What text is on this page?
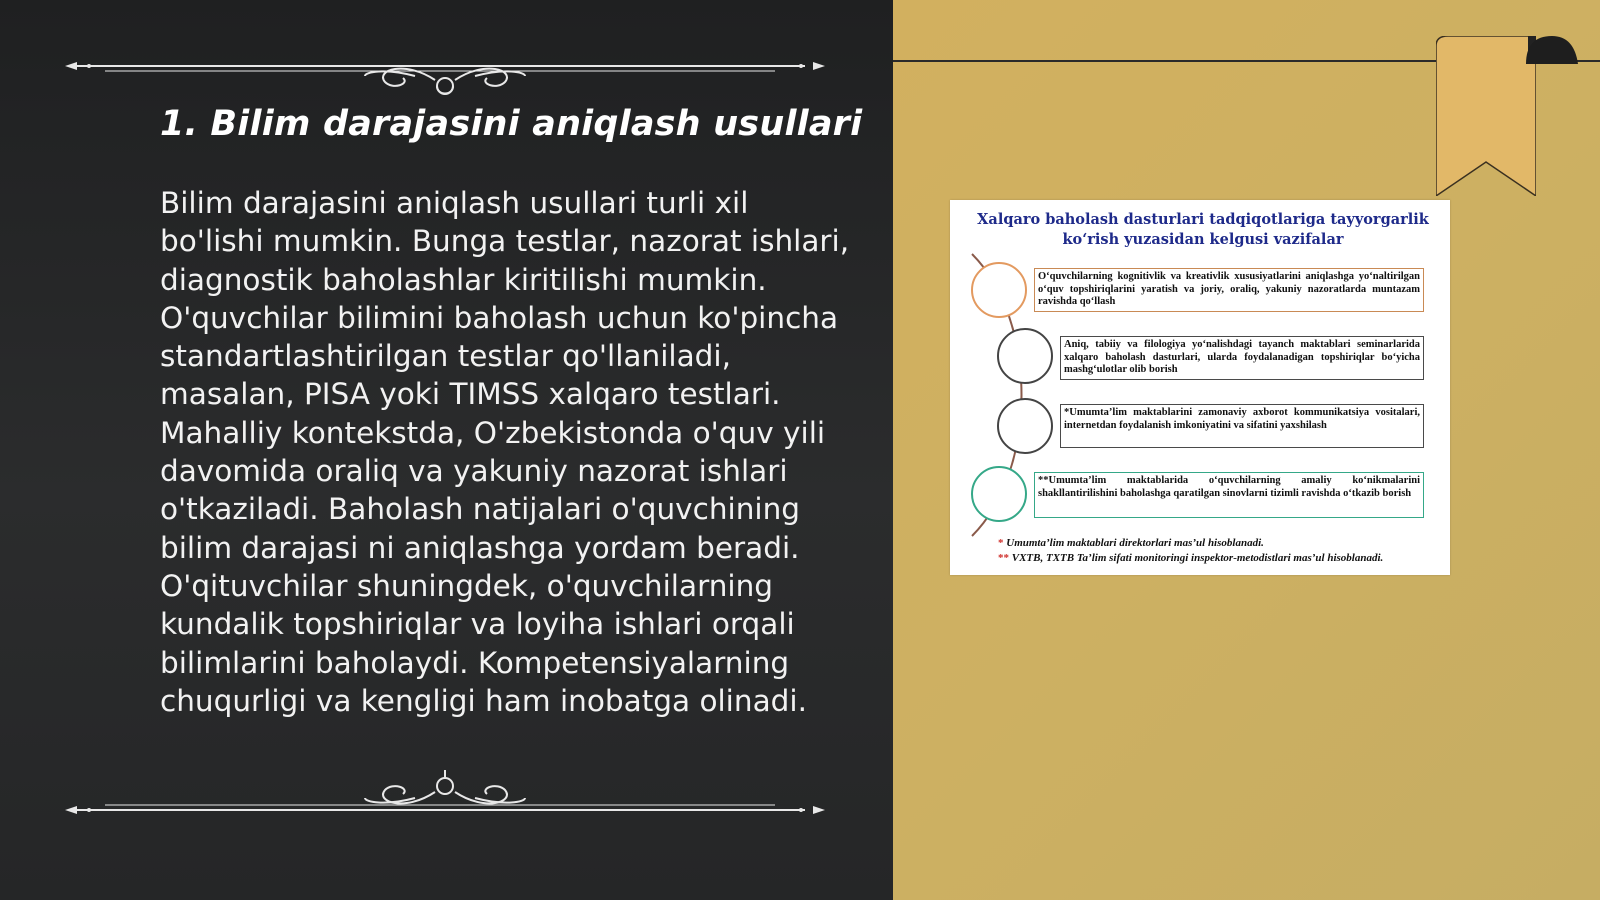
1. Bilim darajasini aniqlash usullari

Bilim darajasini aniqlash usullari turli xil bo'lishi mumkin. Bunga testlar, nazorat ishlari, diagnostik baholashlar kiritilishi mumkin. O'quvchilar bilimini baholash uchun ko'pincha standartlashtirilgan testlar qo'llaniladi, masalan, PISA yoki TIMSS xalqaro testlari. Mahalliy kontekstda, O'zbekistonda o'quv yili davomida oraliq va yakuniy nazorat ishlari o'tkaziladi. Baholash natijalari o'quvchining bilim darajasi ni aniqlashga yordam beradi. O'qituvchilar shuningdek, o'quvchilarning kundalik topshiriqlar va loyiha ishlari orqali bilimlarini baholaydi. Kompetensiyalarning chuqurligi va kengligi ham inobatga olinadi.

Xalqaro baholash dasturlari tadqiqotlariga tayyorgarlik ko‘rish yuzasidan kelgusi vazifalar

O‘quvchilarning kognitivlik va kreativlik xususiyatlarini aniqlashga yo‘naltirilgan o‘quv topshiriqlarini yaratish va joriy, oraliq, yakuniy nazoratlarda muntazam ravishda qo‘llash
Aniq, tabiiy va filologiya yo‘nalishdagi tayanch maktablari seminarlarida xalqaro baholash dasturlari, ularda foydalanadigan topshiriqlar bo‘yicha mashg‘ulotlar olib borish
*Umumta’lim maktablarini zamonaviy axborot kommunikatsiya vositalari, internetdan foydalanish imkoniyatini va sifatini yaxshilash
**Umumta’lim maktablarida o‘quvchilarning amaliy ko‘nikmalarini shakllantirilishini baholashga qaratilgan sinovlarni tizimli ravishda o‘tkazib borish
* Umumta’lim maktablari direktorlari mas’ul hisoblanadi.
** VXTB, TXTB Ta’lim sifati monitoringi inspektor-metodistlari mas’ul hisoblanadi.
